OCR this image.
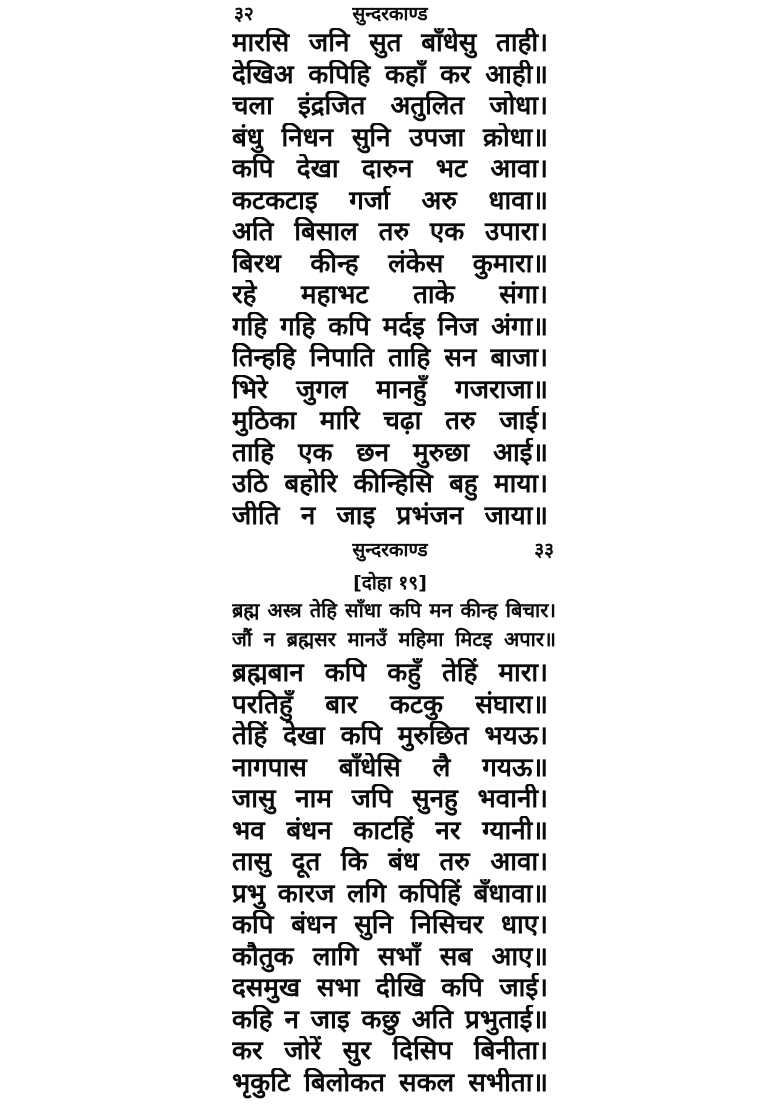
३२	सुन्दरकाण्ड
मारसि जनि सुत बाँधेसु ताही।
देखिअ कपिहि कहाँ कर आही॥
चला इंद्रजित अतुलित जोधा।
बंधु निधन सुनि उपजा क्रोधा॥
कपि देखा दारुन भट आवा।
कटकटाइ गर्जा अरु धावा॥
अति बिसाल तरु एक उपारा।
बिरथ कीन्ह लंकेस कुमारा॥
रहे महाभट ताके संगा।
गहि गहि कपि मर्दइ निज अंगा॥
तिन्हहि निपाति ताहि सन बाजा।
भिरे जुगल मानहुँ गजराजा॥
मुठिका मारि चढ़ा तरु जाई।
ताहि एक छन मुरुछा आई॥
उठि बहोरि कीन्हिसि बहु माया।
जीति न जाइ प्रभंजन जाया॥
सुन्दरकाण्ड	३३
[दोहा १९]
ब्रह्म अस्त्र तेहि साँधा कपि मन कीन्ह बिचार।
जौं न ब्रह्मसर मानउँ महिमा मिटइ अपार॥
ब्रह्मबान कपि कहुँ तेहिं मारा।
परतिहुँ बार कटकु संघारा॥
तेहिं देखा कपि मुरुछित भयऊ।
नागपास बाँधेसि लै गयऊ॥
जासु नाम जपि सुनहु भवानी।
भव बंधन काटहिं नर ग्यानी॥
तासु दूत कि बंध तरु आवा।
प्रभु कारज लगि कपिहिं बँधावा॥
कपि बंधन सुनि निसिचर धाए।
कौतुक लागि सभाँ सब आए॥
दसमुख सभा दीखि कपि जाई।
कहि न जाइ कछु अति प्रभुताई॥
कर जोरें सुर दिसिप बिनीता।
भृकुटि बिलोकत सकल सभीता॥
